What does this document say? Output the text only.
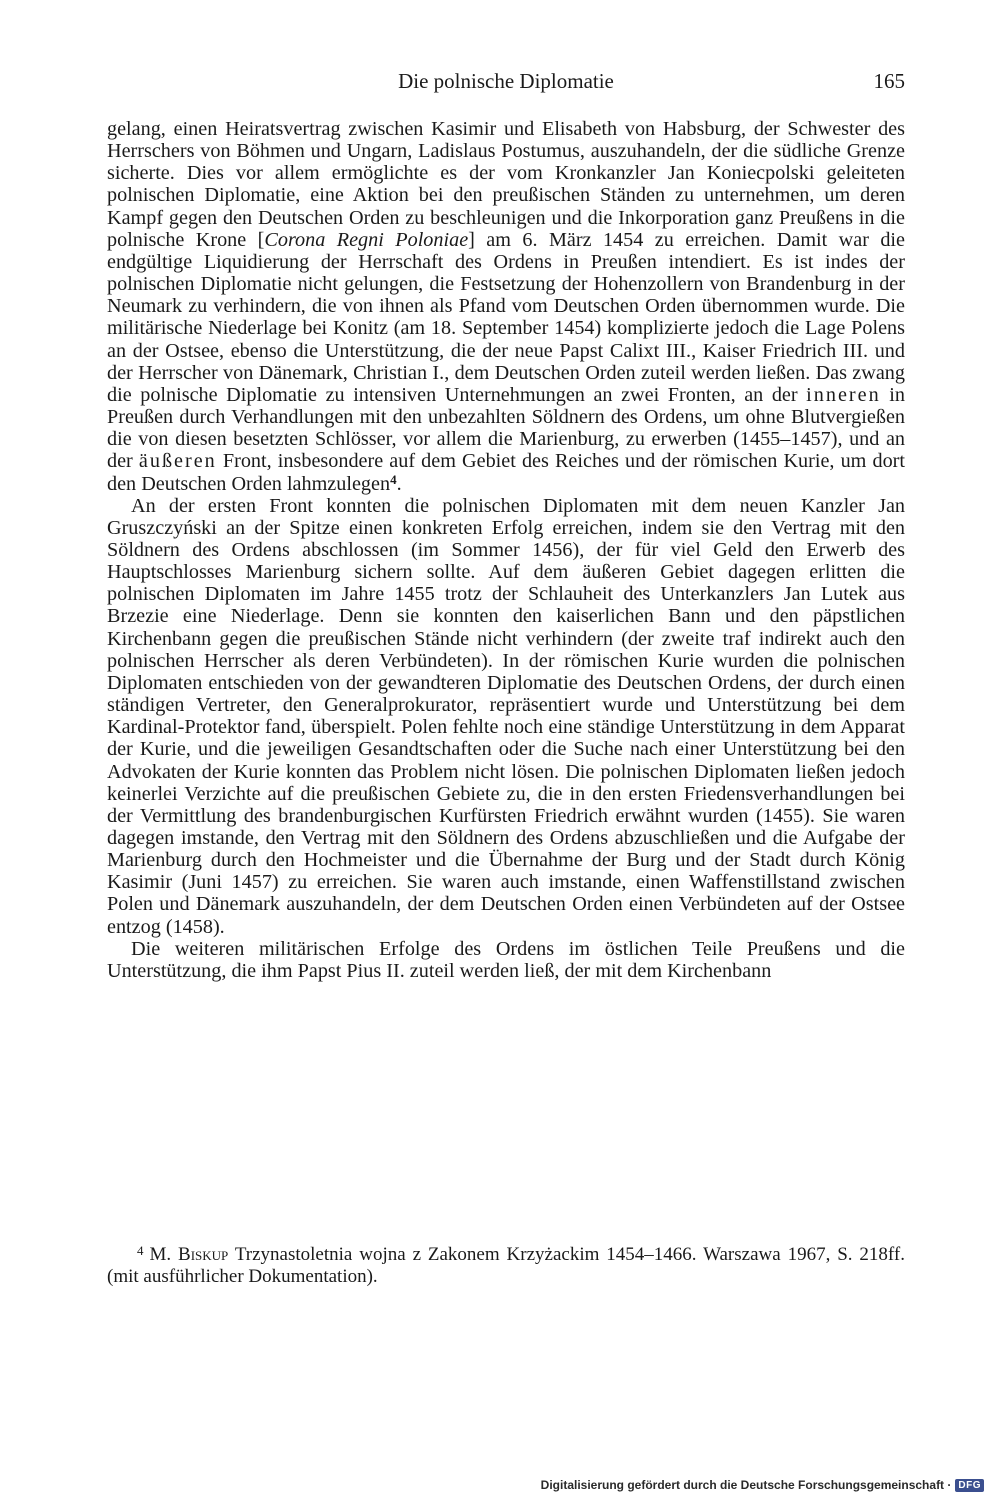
Die polnische Diplomatie	165

gelang, einen Heiratsvertrag zwischen Kasimir und Elisabeth von Habsburg, der Schwester des Herrschers von Böhmen und Ungarn, Ladislaus Postumus, auszuhandeln, der die südliche Grenze sicherte. Dies vor allem ermöglichte es der vom Kronkanzler Jan Koniecpolski geleiteten polnischen Diplomatie, eine Aktion bei den preußischen Ständen zu unternehmen, um deren Kampf gegen den Deutschen Orden zu beschleunigen und die Inkorporation ganz Preußens in die polnische Krone [Corona Regni Poloniae] am 6. März 1454 zu erreichen. Damit war die endgültige Liquidierung der Herrschaft des Ordens in Preußen intendiert. Es ist indes der polnischen Diplomatie nicht gelungen, die Festsetzung der Hohenzollern von Brandenburg in der Neumark zu verhindern, die von ihnen als Pfand vom Deutschen Orden übernommen wurde. Die militärische Niederlage bei Konitz (am 18. September 1454) komplizierte jedoch die Lage Polens an der Ostsee, ebenso die Unterstützung, die der neue Papst Calixt III., Kaiser Friedrich III. und der Herrscher von Dänemark, Christian I., dem Deutschen Orden zuteil werden ließen. Das zwang die polnische Diplomatie zu intensiven Unternehmungen an zwei Fronten, an der inneren in Preußen durch Verhandlungen mit den unbezahlten Söldnern des Ordens, um ohne Blutvergießen die von diesen besetzten Schlösser, vor allem die Marienburg, zu erwerben (1455–1457), und an der äußeren Front, insbesondere auf dem Gebiet des Reiches und der römischen Kurie, um dort den Deutschen Orden lahmzulegen$^4$.

An der ersten Front konnten die polnischen Diplomaten mit dem neuen Kanzler Jan Gruszczyński an der Spitze einen konkreten Erfolg erreichen, indem sie den Vertrag mit den Söldnern des Ordens abschlossen (im Sommer 1456), der für viel Geld den Erwerb des Hauptschlosses Marienburg sichern sollte. Auf dem äußeren Gebiet dagegen erlitten die polnischen Diplomaten im Jahre 1455 trotz der Schlauheit des Unterkanzlers Jan Lutek aus Brzezie eine Niederlage. Denn sie konnten den kaiserlichen Bann und den päpstlichen Kirchenbann gegen die preußischen Stände nicht verhindern (der zweite traf indirekt auch den polnischen Herrscher als deren Verbündeten). In der römischen Kurie wurden die polnischen Diplomaten entschieden von der gewandteren Diplomatie des Deutschen Ordens, der durch einen ständigen Vertreter, den Generalprokurator, repräsentiert wurde und Unterstützung bei dem Kardinal-Protektor fand, überspielt. Polen fehlte noch eine ständige Unterstützung in dem Apparat der Kurie, und die jeweiligen Gesandtschaften oder die Suche nach einer Unterstützung bei den Advokaten der Kurie konnten das Problem nicht lösen. Die polnischen Diplomaten ließen jedoch keinerlei Verzichte auf die preußischen Gebiete zu, die in den ersten Friedensverhandlungen bei der Vermittlung des brandenburgischen Kurfürsten Friedrich erwähnt wurden (1455). Sie waren dagegen imstande, den Vertrag mit den Söldnern des Ordens abzuschließen und die Aufgabe der Marienburg durch den Hochmeister und die Übernahme der Burg und der Stadt durch König Kasimir (Juni 1457) zu erreichen. Sie waren auch imstande, einen Waffenstillstand zwischen Polen und Dänemark auszuhandeln, der dem Deutschen Orden einen Verbündeten auf der Ostsee entzog (1458).

Die weiteren militärischen Erfolge des Ordens im östlichen Teile Preußens und die Unterstützung, die ihm Papst Pius II. zuteil werden ließ, der mit dem Kirchenbann

$^4$ M. Biskup Trzynastoletnia wojna z Zakonem Krzyżackim 1454–1466. Warszawa 1967, S. 218ff. (mit ausführlicher Dokumentation).
Digitalisierung gefördert durch die Deutsche Forschungsgemeinschaft · DFG
